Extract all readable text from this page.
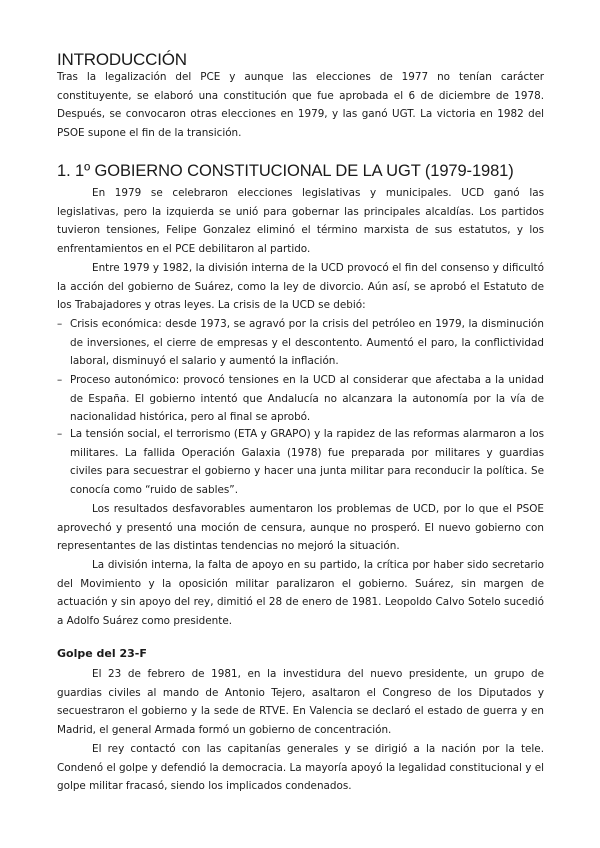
INTRODUCCIÓN

Tras la legalización del PCE y aunque las elecciones de 1977 no tenían carácter constituyente, se elaboró una constitución que fue aprobada el 6 de diciembre de 1978. Después, se convocaron otras elecciones en 1979, y las ganó UGT. La victoria en 1982 del PSOE supone el fin de la transición.

1. 1º GOBIERNO CONSTITUCIONAL DE LA UGT (1979-1981)

En 1979 se celebraron elecciones legislativas y municipales. UCD ganó las legislativas, pero la izquierda se unió para gobernar las principales alcaldías. Los partidos tuvieron tensiones, Felipe Gonzalez eliminó el término marxista de sus estatutos, y los enfrentamientos en el PCE debilitaron al partido.

Entre 1979 y 1982, la división interna de la UCD provocó el fin del consenso y dificultó la acción del gobierno de Suárez, como la ley de divorcio. Aún así, se aprobó el Estatuto de los Trabajadores y otras leyes. La crisis de la UCD se debió:

– Crisis económica: desde 1973, se agravó por la crisis del petróleo en 1979, la disminución de inversiones, el cierre de empresas y el descontento. Aumentó el paro, la conflictividad laboral, disminuyó el salario y aumentó la inflación.
– Proceso autonómico: provocó tensiones en la UCD al considerar que afectaba a la unidad de España. El gobierno intentó que Andalucía no alcanzara la autonomía por la vía de nacionalidad histórica, pero al final se aprobó.
– La tensión social, el terrorismo (ETA y GRAPO) y la rapidez de las reformas alarmaron a los militares. La fallida Operación Galaxia (1978) fue preparada por militares y guardias civiles para secuestrar el gobierno y hacer una junta militar para reconducir la política. Se conocía como “ruido de sables”.

Los resultados desfavorables aumentaron los problemas de UCD, por lo que el PSOE aprovechó y presentó una moción de censura, aunque no prosperó. El nuevo gobierno con representantes de las distintas tendencias no mejoró la situación.

La división interna, la falta de apoyo en su partido, la crítica por haber sido secretario del Movimiento y la oposición militar paralizaron el gobierno. Suárez, sin margen de actuación y sin apoyo del rey, dimitió el 28 de enero de 1981. Leopoldo Calvo Sotelo sucedió a Adolfo Suárez como presidente.

Golpe del 23-F

El 23 de febrero de 1981, en la investidura del nuevo presidente, un grupo de guardias civiles al mando de Antonio Tejero, asaltaron el Congreso de los Diputados y secuestraron el gobierno y la sede de RTVE. En Valencia se declaró el estado de guerra y en Madrid, el general Armada formó un gobierno de concentración.

El rey contactó con las capitanías generales y se dirigió a la nación por la tele. Condenó el golpe y defendió la democracia. La mayoría apoyó la legalidad constitucional y el golpe militar fracasó, siendo los implicados condenados.
